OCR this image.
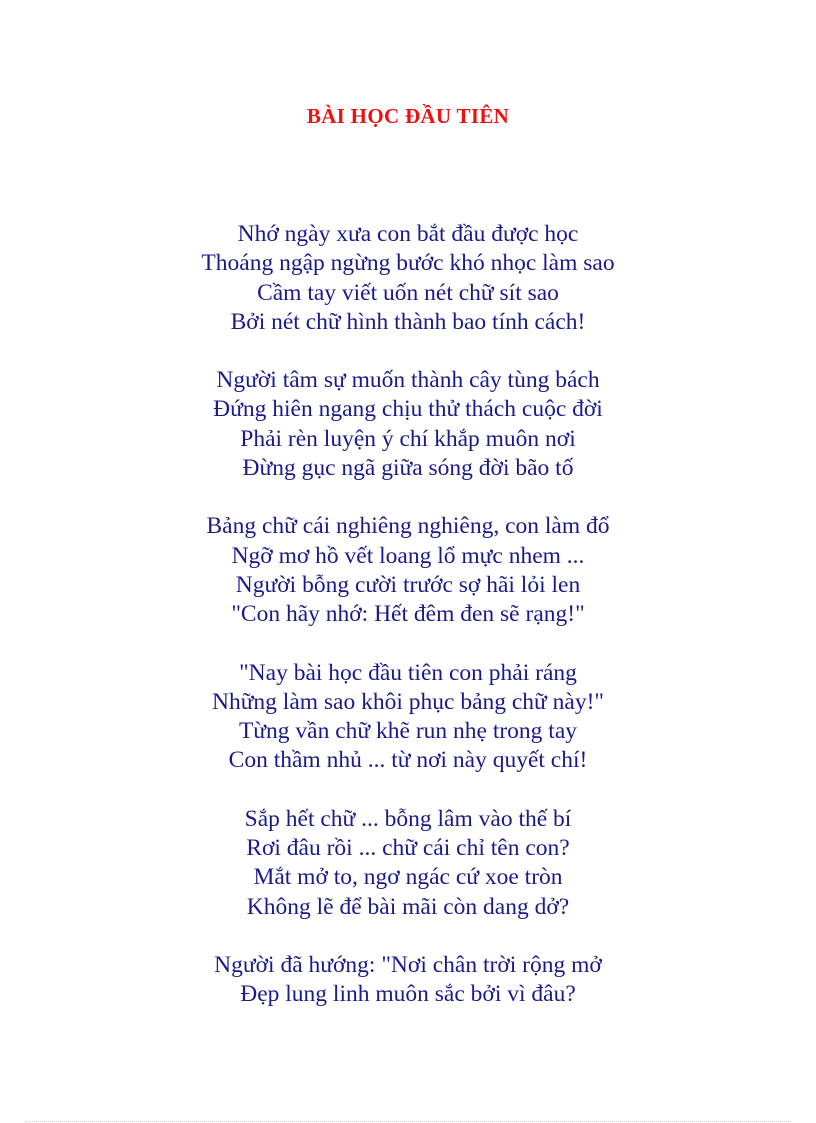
BÀI HỌC ĐẦU TIÊN
Nhớ ngày xưa con bắt đầu được học
Thoáng ngập ngừng bước khó nhọc làm sao
Cầm tay viết uốn nét chữ sít sao
Bởi nét chữ hình thành bao tính cách!
Người tâm sự muốn thành cây tùng bách
Đứng hiên ngang chịu thử thách cuộc đời
Phải rèn luyện ý chí khắp muôn nơi
Đừng gục ngã giữa sóng đời bão tố
Bảng chữ cái nghiêng nghiêng, con làm đổ
Ngỡ mơ hồ vết loang lổ mực nhem ...
Người bỗng cười trước sợ hãi lỏi len
"Con hãy nhớ: Hết đêm đen sẽ rạng!"
"Nay bài học đầu tiên con phải ráng
Những làm sao khôi phục bảng chữ này!"
Từng vần chữ khẽ run nhẹ trong tay
Con thầm nhủ ... từ nơi này quyết chí!
Sắp hết chữ ... bỗng lâm vào thế bí
Rơi đâu rồi ... chữ cái chỉ tên con?
Mắt mở to, ngơ ngác cứ xoe tròn
Không lẽ để bài mãi còn dang dở?
Người đã hướng: "Nơi chân trời rộng mở
Đẹp lung linh muôn sắc bởi vì đâu?
